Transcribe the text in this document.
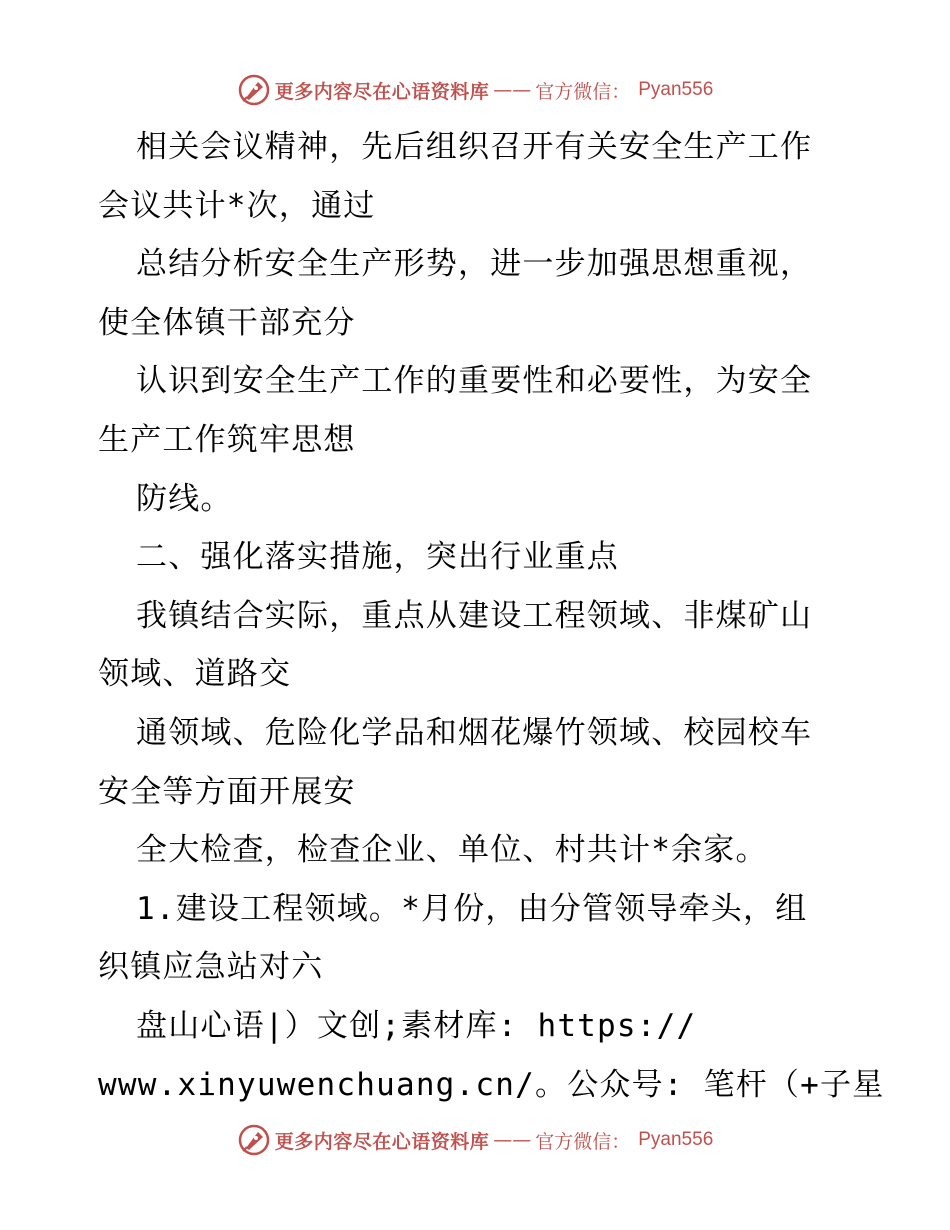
更多内容尽在心语资料库 —— 官方微信： Pyan556
相关会议精神，先后组织召开有关安全生产工作
会议共计*次，通过
总结分析安全生产形势，进一步加强思想重视，
使全体镇干部充分
认识到安全生产工作的重要性和必要性，为安全
生产工作筑牢思想
防线。
二、强化落实措施，突出行业重点
我镇结合实际，重点从建设工程领域、非煤矿山
领域、道路交
通领域、危险化学品和烟花爆竹领域、校园校车
安全等方面开展安
全大检查，检查企业、单位、村共计*余家。
1.建设工程领域。*月份，由分管领导牵头，组
织镇应急站对六
盘山心语|）文创;素材库: https://
www.xinyuwenchuang.cn/。公众号: 笔杆（+子星
更多内容尽在心语资料库 —— 官方微信： Pyan556
